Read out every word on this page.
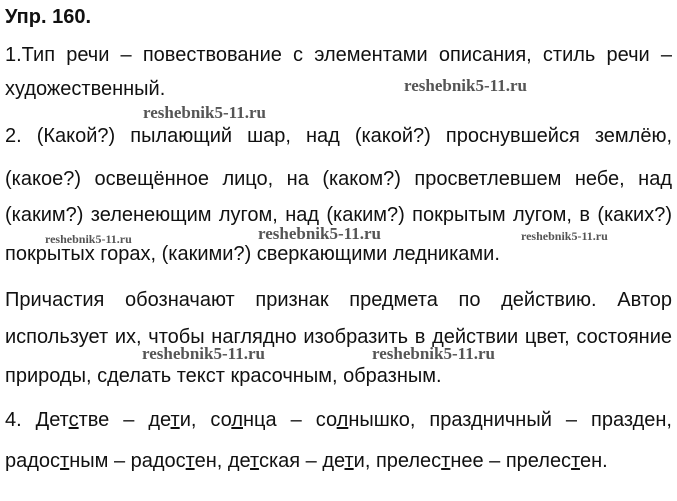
Упр. 160.
1.Тип речи – повествование с элементами описания, стиль речи –
художественный.
2. (Какой?) пылающий шар, над (какой?) проснувшейся землёю,
(какое?) освещённое лицо, на (каком?) просветлевшем небе, над
(каким?) зеленеющим лугом, над (каким?) покрытым лугом, в (каких?)
покрытых горах, (какими?) сверкающими ледниками.
Причастия обозначают признак предмета по действию. Автор
использует их, чтобы наглядно изобразить в действии цвет, состояние
природы, сделать текст красочным, образным.
4. Детстве – дети, солнца – солнышко, праздничный – празден,
радостным – радостен, детская – дети, прелестнее – прелестен.
reshebnik5-11.ru
reshebnik5-11.ru
reshebnik5-11.ru	reshebnik5-11.ru	reshebnik5-11.ru
reshebnik5-11.ru	reshebnik5-11.ru
